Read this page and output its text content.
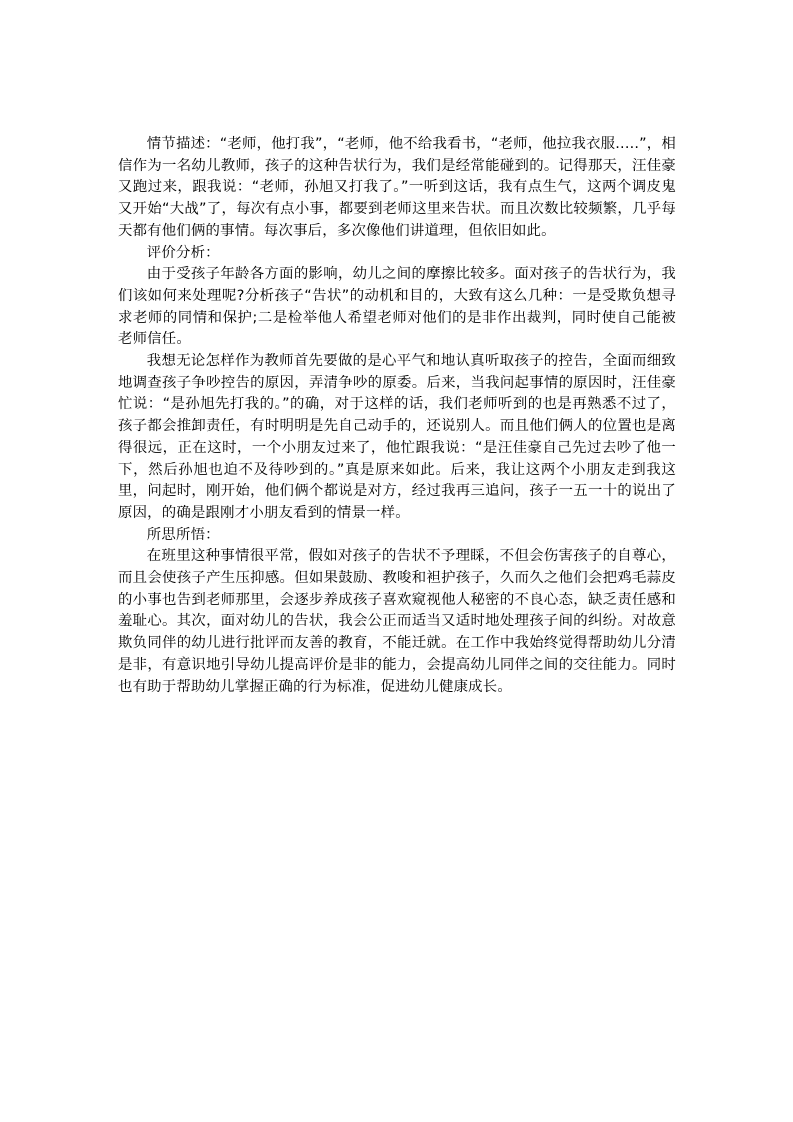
情节描述：“老师，他打我”，“老师，他不给我看书，“老师，他拉我衣服.....”，相信作为一名幼儿教师，孩子的这种告状行为，我们是经常能碰到的。记得那天，汪佳豪又跑过来，跟我说：“老师，孙旭又打我了。”一听到这话，我有点生气，这两个调皮鬼又开始“大战”了，每次有点小事，都要到老师这里来告状。而且次数比较频繁，几乎每天都有他们俩的事情。每次事后，多次像他们讲道理，但依旧如此。

评价分析：

由于受孩子年龄各方面的影响，幼儿之间的摩擦比较多。面对孩子的告状行为，我们该如何来处理呢?分析孩子“告状”的动机和目的，大致有这么几种：一是受欺负想寻求老师的同情和保护;二是检举他人希望老师对他们的是非作出裁判，同时使自己能被老师信任。

我想无论怎样作为教师首先要做的是心平气和地认真听取孩子的控告，全面而细致地调查孩子争吵控告的原因，弄清争吵的原委。后来，当我问起事情的原因时，汪佳豪忙说：“是孙旭先打我的。”的确，对于这样的话，我们老师听到的也是再熟悉不过了，孩子都会推卸责任，有时明明是先自己动手的，还说别人。而且他们俩人的位置也是离得很远，正在这时，一个小朋友过来了，他忙跟我说：“是汪佳豪自己先过去吵了他一下，然后孙旭也迫不及待吵到的。”真是原来如此。后来，我让这两个小朋友走到我这里，问起时，刚开始，他们俩个都说是对方，经过我再三追问，孩子一五一十的说出了原因，的确是跟刚才小朋友看到的情景一样。

所思所悟：

在班里这种事情很平常，假如对孩子的告状不予理睬，不但会伤害孩子的自尊心，而且会使孩子产生压抑感。但如果鼓励、教唆和袒护孩子，久而久之他们会把鸡毛蒜皮的小事也告到老师那里，会逐步养成孩子喜欢窥视他人秘密的不良心态，缺乏责任感和羞耻心。其次，面对幼儿的告状，我会公正而适当又适时地处理孩子间的纠纷。对故意欺负同伴的幼儿进行批评而友善的教育，不能迁就。在工作中我始终觉得帮助幼儿分清是非，有意识地引导幼儿提高评价是非的能力，会提高幼儿同伴之间的交往能力。同时也有助于帮助幼儿掌握正确的行为标准，促进幼儿健康成长。
